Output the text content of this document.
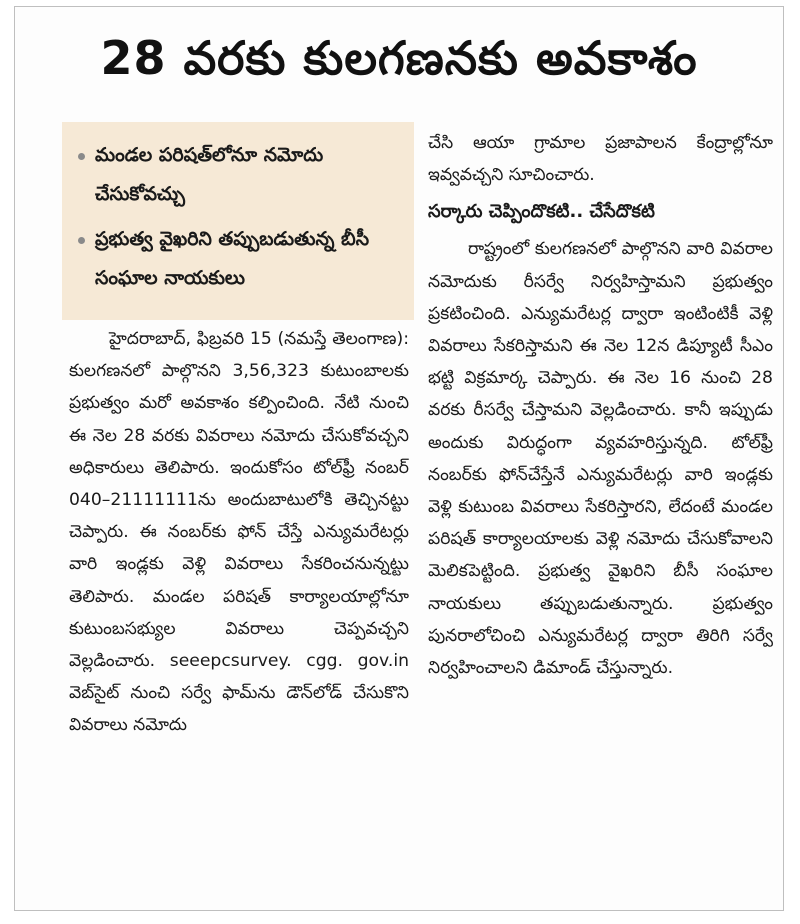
28 వరకు కులగణనకు అవకాశం
మండల పరిషత్‌లోనూ నమోదు చేసుకోవచ్చు
ప్రభుత్వ వైఖరిని తప్పుబడుతున్న బీసీ సంఘాల నాయకులు

హైదరాబాద్, ఫిబ్రవరి 15 (నమస్తే తెలంగాణ): కులగణనలో పాల్గొనని 3,56,323 కుటుంబాలకు ప్రభుత్వం మరో అవకాశం కల్పించింది. నేటి నుంచి ఈ నెల 28 వరకు వివరాలు నమోదు చేసుకోవచ్చని అధికారులు తెలిపారు. ఇందుకోసం టోల్‌ఫ్రీ నంబర్ 040–21111111ను అందుబాటులోకి తెచ్చినట్టు చెప్పారు. ఈ నంబర్‌కు ఫోన్ చేస్తే ఎన్యుమరేటర్లు వారి ఇండ్లకు వెళ్లి వివరాలు సేకరించనున్నట్టు తెలిపారు. మండల పరిషత్ కార్యాలయాల్లోనూ కుటుంబసభ్యుల వివరాలు చెప్పవచ్చని వెల్లడించారు. seeepcsurvey. cgg. gov.in వెబ్‌సైట్ నుంచి సర్వే ఫామ్‌ను డౌన్‌లోడ్ చేసుకొని వివరాలు నమోదు

చేసి ఆయా గ్రామాల ప్రజాపాలన కేంద్రాల్లోనూ ఇవ్వవచ్చని సూచించారు.

సర్కారు చెప్పిందొకటి.. చేసేదొకటి

రాష్ట్రంలో కులగణనలో పాల్గొనని వారి వివరాల నమోదుకు రీసర్వే నిర్వహిస్తామని ప్రభుత్వం ప్రకటించింది. ఎన్యుమరేటర్ల ద్వారా ఇంటింటికీ వెళ్లి వివరాలు సేకరిస్తామని ఈ నెల 12న డిప్యూటీ సీఎం భట్టి విక్రమార్క చెప్పారు. ఈ నెల 16 నుంచి 28 వరకు రీసర్వే చేస్తామని వెల్లడించారు. కానీ ఇప్పుడు అందుకు విరుద్ధంగా వ్యవహరిస్తున్నది. టోల్‌ఫ్రీ నంబర్‌కు ఫోన్‌చేస్తేనే ఎన్యుమరేటర్లు వారి ఇండ్లకు వెళ్లి కుటుంబ వివరాలు సేకరిస్తారని, లేదంటే మండల పరిషత్ కార్యాలయాలకు వెళ్లి నమోదు చేసుకోవాలని మెలికపెట్టింది. ప్రభుత్వ వైఖరిని బీసీ సంఘాల నాయకులు తప్పుబడుతున్నారు. ప్రభుత్వం పునరాలోచించి ఎన్యుమరేటర్ల ద్వారా తిరిగి సర్వే నిర్వహించాలని డిమాండ్ చేస్తున్నారు.
